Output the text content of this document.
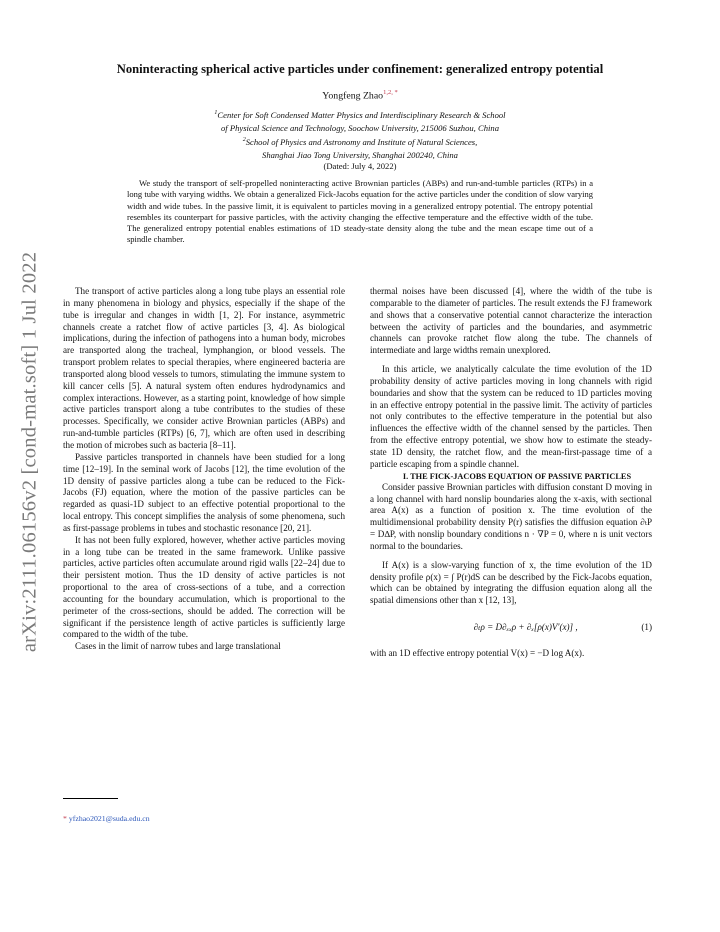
arXiv:2111.06156v2 [cond-mat.soft] 1 Jul 2022
Noninteracting spherical active particles under confinement: generalized entropy potential
Yongfeng Zhao$^{1,2, *}$
$^1$Center for Soft Condensed Matter Physics and Interdisciplinary Research & School
of Physical Science and Technology, Soochow University, 215006 Suzhou, China
$^2$School of Physics and Astronomy and Institute of Natural Sciences,
Shanghai Jiao Tong University, Shanghai 200240, China
(Dated: July 4, 2022)
We study the transport of self-propelled noninteracting active Brownian particles (ABPs) and run-and-tumble particles (RTPs) in a long tube with varying widths. We obtain a generalized Fick-Jacobs equation for the active particles under the condition of slow varying width and wide tubes. In the passive limit, it is equivalent to particles moving in a generalized entropy potential. The entropy potential resembles its counterpart for passive particles, with the activity changing the effective temperature and the effective width of the tube. The generalized entropy potential enables estimations of 1D steady-state density along the tube and the mean escape time out of a spindle chamber.

The transport of active particles along a long tube plays an essential role in many phenomena in biology and physics, especially if the shape of the tube is irregular and changes in width [1, 2]. For instance, asymmetric channels create a ratchet flow of active particles [3, 4]. As biological implications, during the infection of pathogens into a human body, microbes are transported along the tracheal, lymphangion, or blood vessels. The transport problem relates to special therapies, where engineered bacteria are transported along blood vessels to tumors, stimulating the immune system to kill cancer cells [5]. A natural system often endures hydrodynamics and complex interactions. However, as a starting point, knowledge of how simple active particles transport along a tube contributes to the studies of these processes. Specifically, we consider active Brownian particles (ABPs) and run-and-tumble particles (RTPs) [6, 7], which are often used in describing the motion of microbes such as bacteria [8–11].

Passive particles transported in channels have been studied for a long time [12–19]. In the seminal work of Jacobs [12], the time evolution of the 1D density of passive particles along a tube can be reduced to the Fick-Jacobs (FJ) equation, where the motion of the passive particles can be regarded as quasi-1D subject to an effective potential proportional to the local entropy. This concept simplifies the analysis of some phenomena, such as first-passage problems in tubes and stochastic resonance [20, 21].

It has not been fully explored, however, whether active particles moving in a long tube can be treated in the same framework. Unlike passive particles, active particles often accumulate around rigid walls [22–24] due to their persistent motion. Thus the 1D density of active particles is not proportional to the area of cross-sections of a tube, and a correction accounting for the boundary accumulation, which is proportional to the perimeter of the cross-sections, should be added. The correction will be significant if the persistence length of active particles is sufficiently large compared to the width of the tube.

Cases in the limit of narrow tubes and large translational

thermal noises have been discussed [4], where the width of the tube is comparable to the diameter of particles. The result extends the FJ framework and shows that a conservative potential cannot characterize the interaction between the activity of particles and the boundaries, and asymmetric channels can provoke ratchet flow along the tube. The channels of intermediate and large widths remain unexplored.

In this article, we analytically calculate the time evolution of the 1D probability density of active particles moving in long channels with rigid boundaries and show that the system can be reduced to 1D particles moving in an effective entropy potential in the passive limit. The activity of particles not only contributes to the effective temperature in the potential but also influences the effective width of the channel sensed by the particles. Then from the effective entropy potential, we show how to estimate the steady-state 1D density, the ratchet flow, and the mean-first-passage time of a particle escaping from a spindle channel.

I. THE FICK-JACOBS EQUATION OF PASSIVE PARTICLES

Consider passive Brownian particles with diffusion constant D moving in a long channel with hard nonslip boundaries along the x-axis, with sectional area A(x) as a function of position x. The time evolution of the multidimensional probability density P(r) satisfies the diffusion equation ∂ₜP = D∆P, with nonslip boundary conditions n · ∇P = 0, where n is unit vectors normal to the boundaries.

If A(x) is a slow-varying function of x, the time evolution of the 1D density profile ρ(x) = ∫ P(r)dS can be described by the Fick-Jacobs equation, which can be obtained by integrating the diffusion equation along all the spatial dimensions other than x [12, 13],

∂ₜρ = D∂ₓₓρ + ∂ₓ[ρ(x)V′(x)] ,	(1)

with an 1D effective entropy potential V(x) = −D log A(x).

* yfzhao2021@suda.edu.cn
